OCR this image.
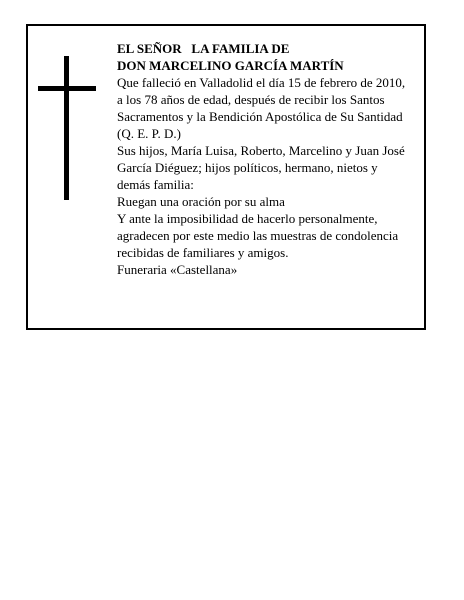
EL SEÑOR   LA FAMILIA DE

DON MARCELINO GARCÍA MARTÍN

Que falleció en Valladolid el día 15 de febrero de 2010,

a los 78 años de edad, después de recibir los Santos

Sacramentos y la Bendición Apostólica de Su Santidad

(Q. E. P. D.)

Sus hijos, María Luisa, Roberto, Marcelino y Juan José

García Diéguez; hijos políticos, hermano, nietos y

demás familia:

Ruegan una oración por su alma

Y ante la imposibilidad de hacerlo personalmente,

agradecen por este medio las muestras de condolencia

recibidas de familiares y amigos.

Funeraria «Castellana»
